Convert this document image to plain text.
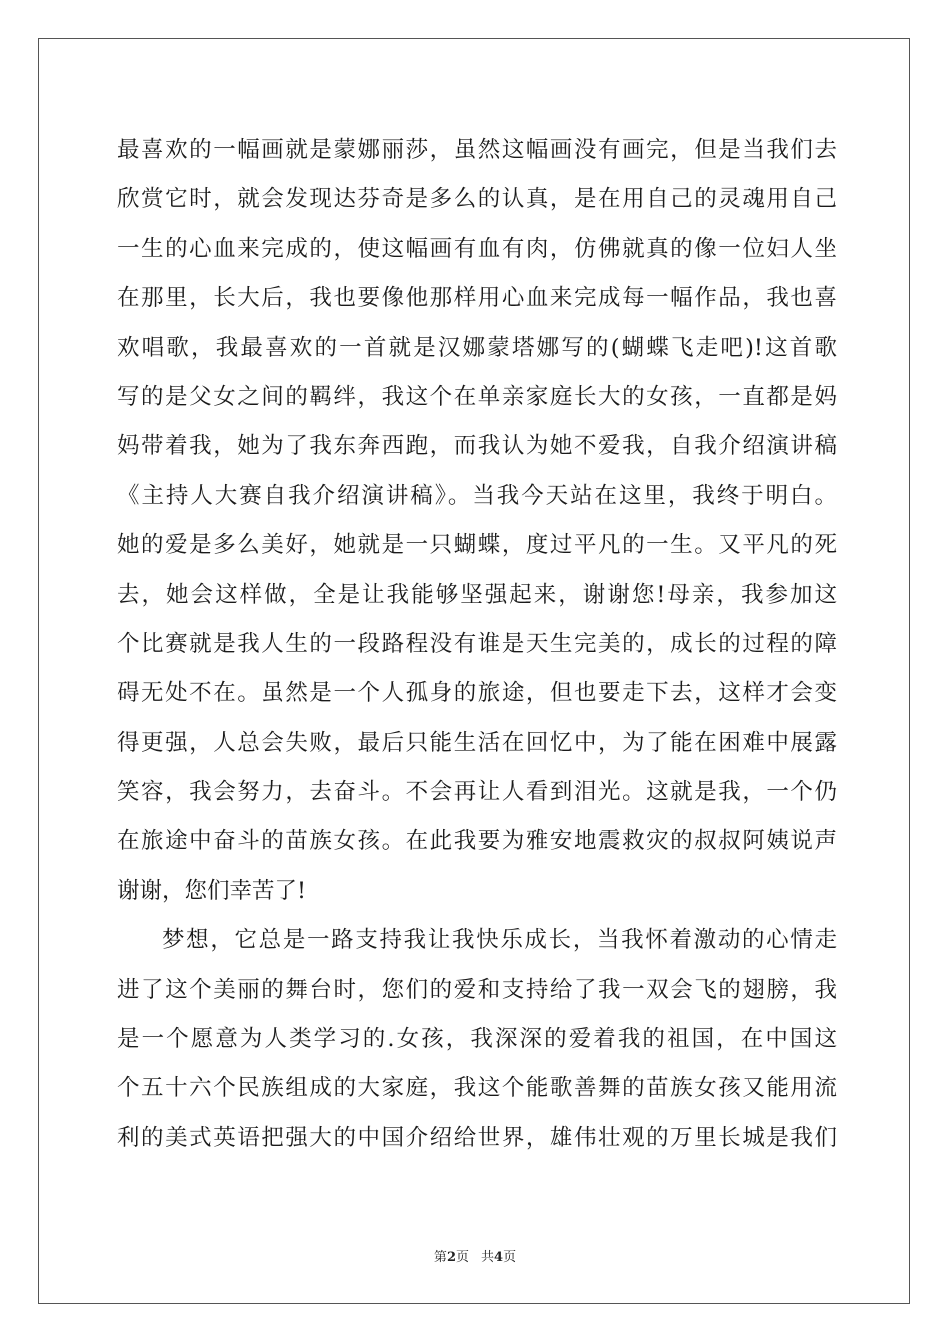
最喜欢的一幅画就是蒙娜丽莎，虽然这幅画没有画完，但是当我们去
欣赏它时，就会发现达芬奇是多么的认真，是在用自己的灵魂用自己
一生的心血来完成的，使这幅画有血有肉，仿佛就真的像一位妇人坐
在那里，长大后，我也要像他那样用心血来完成每一幅作品，我也喜
欢唱歌，我最喜欢的一首就是汉娜蒙塔娜写的(蝴蝶飞走吧)!这首歌
写的是父女之间的羁绊，我这个在单亲家庭长大的女孩，一直都是妈
妈带着我，她为了我东奔西跑，而我认为她不爱我，自我介绍演讲稿
《主持人大赛自我介绍演讲稿》。当我今天站在这里，我终于明白。
她的爱是多么美好，她就是一只蝴蝶，度过平凡的一生。又平凡的死
去，她会这样做，全是让我能够坚强起来，谢谢您!母亲，我参加这
个比赛就是我人生的一段路程没有谁是天生完美的，成长的过程的障
碍无处不在。虽然是一个人孤身的旅途，但也要走下去，这样才会变
得更强，人总会失败，最后只能生活在回忆中，为了能在困难中展露
笑容，我会努力，去奋斗。不会再让人看到泪光。这就是我，一个仍
在旅途中奋斗的苗族女孩。在此我要为雅安地震救灾的叔叔阿姨说声
谢谢，您们幸苦了!
梦想，它总是一路支持我让我快乐成长，当我怀着激动的心情走
进了这个美丽的舞台时，您们的爱和支持给了我一双会飞的翅膀，我
是一个愿意为人类学习的.女孩，我深深的爱着我的祖国，在中国这
个五十六个民族组成的大家庭，我这个能歌善舞的苗族女孩又能用流
利的美式英语把强大的中国介绍给世界，雄伟壮观的万里长城是我们
第2页 共4页
